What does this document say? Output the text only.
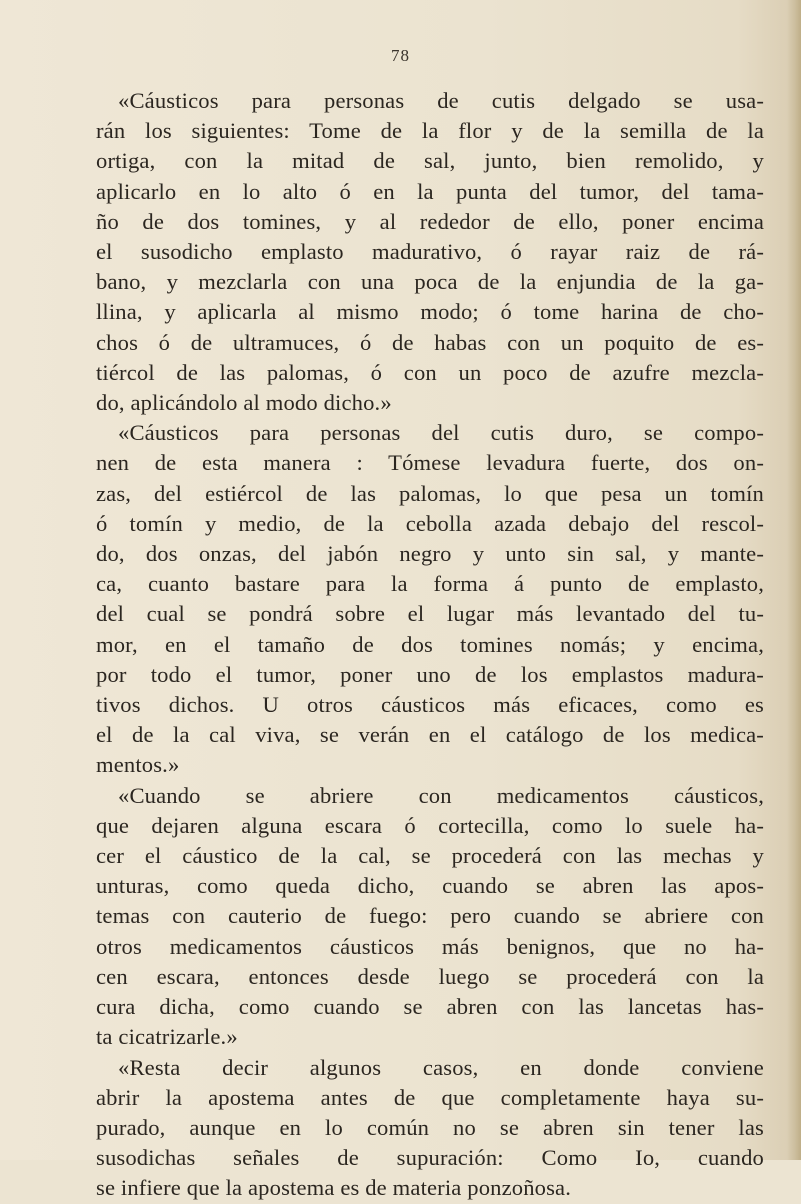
78

«Cáusticos para personas de cutis delgado se usa-
rán los siguientes: Tome de la flor y de la semilla de la
ortiga, con la mitad de sal, junto, bien remolido, y
aplicarlo en lo alto ó en la punta del tumor, del tama-
ño de dos tomines, y al rededor de ello, poner encima
el susodicho emplasto madurativo, ó rayar raiz de rá-
bano, y mezclarla con una poca de la enjundia de la ga-
llina, y aplicarla al mismo modo; ó tome harina de cho-
chos ó de ultramuces, ó de habas con un poquito de es-
tiércol de las palomas, ó con un poco de azufre mezcla-
do, aplicándolo al modo dicho.»

«Cáusticos para personas del cutis duro, se compo-
nen de esta manera : Tómese levadura fuerte, dos on-
zas, del estiércol de las palomas, lo que pesa un tomín
ó tomín y medio, de la cebolla azada debajo del rescol-
do, dos onzas, del jabón negro y unto sin sal, y mante-
ca, cuanto bastare para la forma á punto de emplasto,
del cual se pondrá sobre el lugar más levantado del tu-
mor, en el tamaño de dos tomines nomás; y encima,
por todo el tumor, poner uno de los emplastos madura-
tivos dichos. U otros cáusticos más eficaces, como es
el de la cal viva, se verán en el catálogo de los medica-
mentos.»

«Cuando se abriere con medicamentos cáusticos,
que dejaren alguna escara ó cortecilla, como lo suele ha-
cer el cáustico de la cal, se procederá con las mechas y
unturas, como queda dicho, cuando se abren las apos-
temas con cauterio de fuego: pero cuando se abriere con
otros medicamentos cáusticos más benignos, que no ha-
cen escara, entonces desde luego se procederá con la
cura dicha, como cuando se abren con las lancetas has-
ta cicatrizarle.»

«Resta decir algunos casos, en donde conviene
abrir la apostema antes de que completamente haya su-
purado, aunque en lo común no se abren sin tener las
susodichas señales de supuración: Como Io, cuando
se infiere que la apostema es de materia ponzoñosa.
